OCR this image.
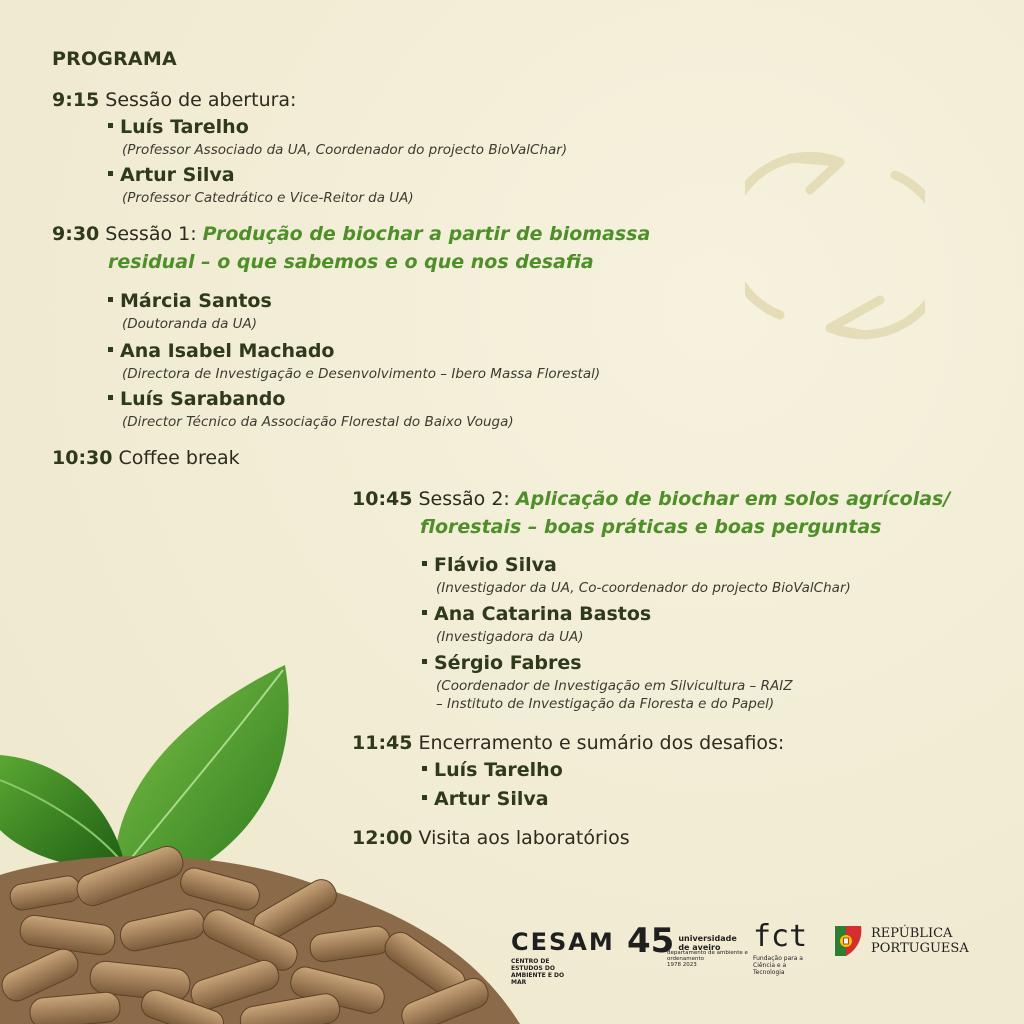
PROGRAMA
9:15 Sessão de abertura:
Luís Tarelho
(Professor Associado da UA, Coordenador do projecto BioValChar)
Artur Silva
(Professor Catedrático e Vice-Reitor da UA)
9:30 Sessão 1: Produção de biochar a partir de biomassa
residual – o que sabemos e o que nos desafia
Márcia Santos
(Doutoranda da UA)
Ana Isabel Machado
(Directora de Investigação e Desenvolvimento – Ibero Massa Florestal)
Luís Sarabando
(Director Técnico da Associação Florestal do Baixo Vouga)
10:30 Coffee break
10:45 Sessão 2: Aplicação de biochar em solos agrícolas/
florestais – boas práticas e boas perguntas
Flávio Silva
(Investigador da UA, Co-coordenador do projecto BioValChar)
Ana Catarina Bastos
(Investigadora da UA)
Sérgio Fabres
(Coordenador de Investigação em Silvicultura – RAIZ
– Instituto de Investigação da Floresta e do Papel)
11:45 Encerramento e sumário dos desafios:
Luís Tarelho
Artur Silva
12:00 Visita aos laboratórios
CESAM
CENTRO DE ESTUDOS DO AMBIENTE E DO MAR
45 universidade de aveiro
departamento de ambiente e ordenamento
1978 2023
fct
Fundação para a Ciência e a Tecnologia
REPÚBLICA
PORTUGUESA
